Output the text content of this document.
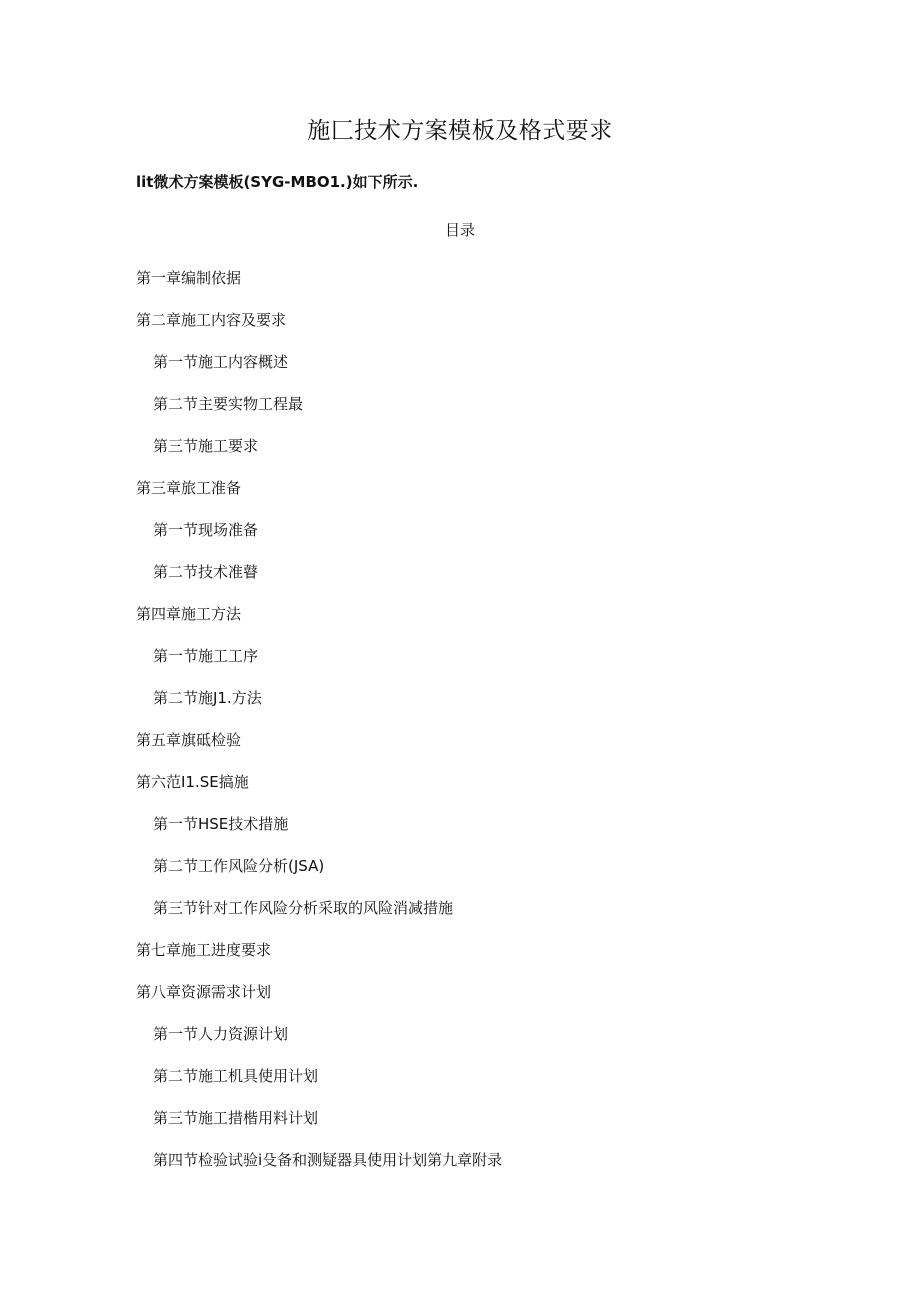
施匚技术方案模板及格式要求
lit微术方案模板(SYG-MBO1.)如下所示.
目录
第一章编制依据
第二章施工内容及要求
第一节施工内容概述
第二节主要实物工程最
第三节施工要求
第三章旅工准备
第一节现场准备
第二节技术准瞽
第四章施工方法
第一节施工工序
第二节施J1.方法
第五章旗砥检验
第六范I1.SE搞施
第一节HSE技术措施
第二节工作风险分析(JSA)
第三节针对工作风险分析采取的风险消减措施
第七章施工进度要求
第八章资源需求计划
第一节人力资源计划
第二节施工机具使用计划
第三节施工措楷用料计划
第四节检验试验i殳备和测疑器具使用计划第九章附录
